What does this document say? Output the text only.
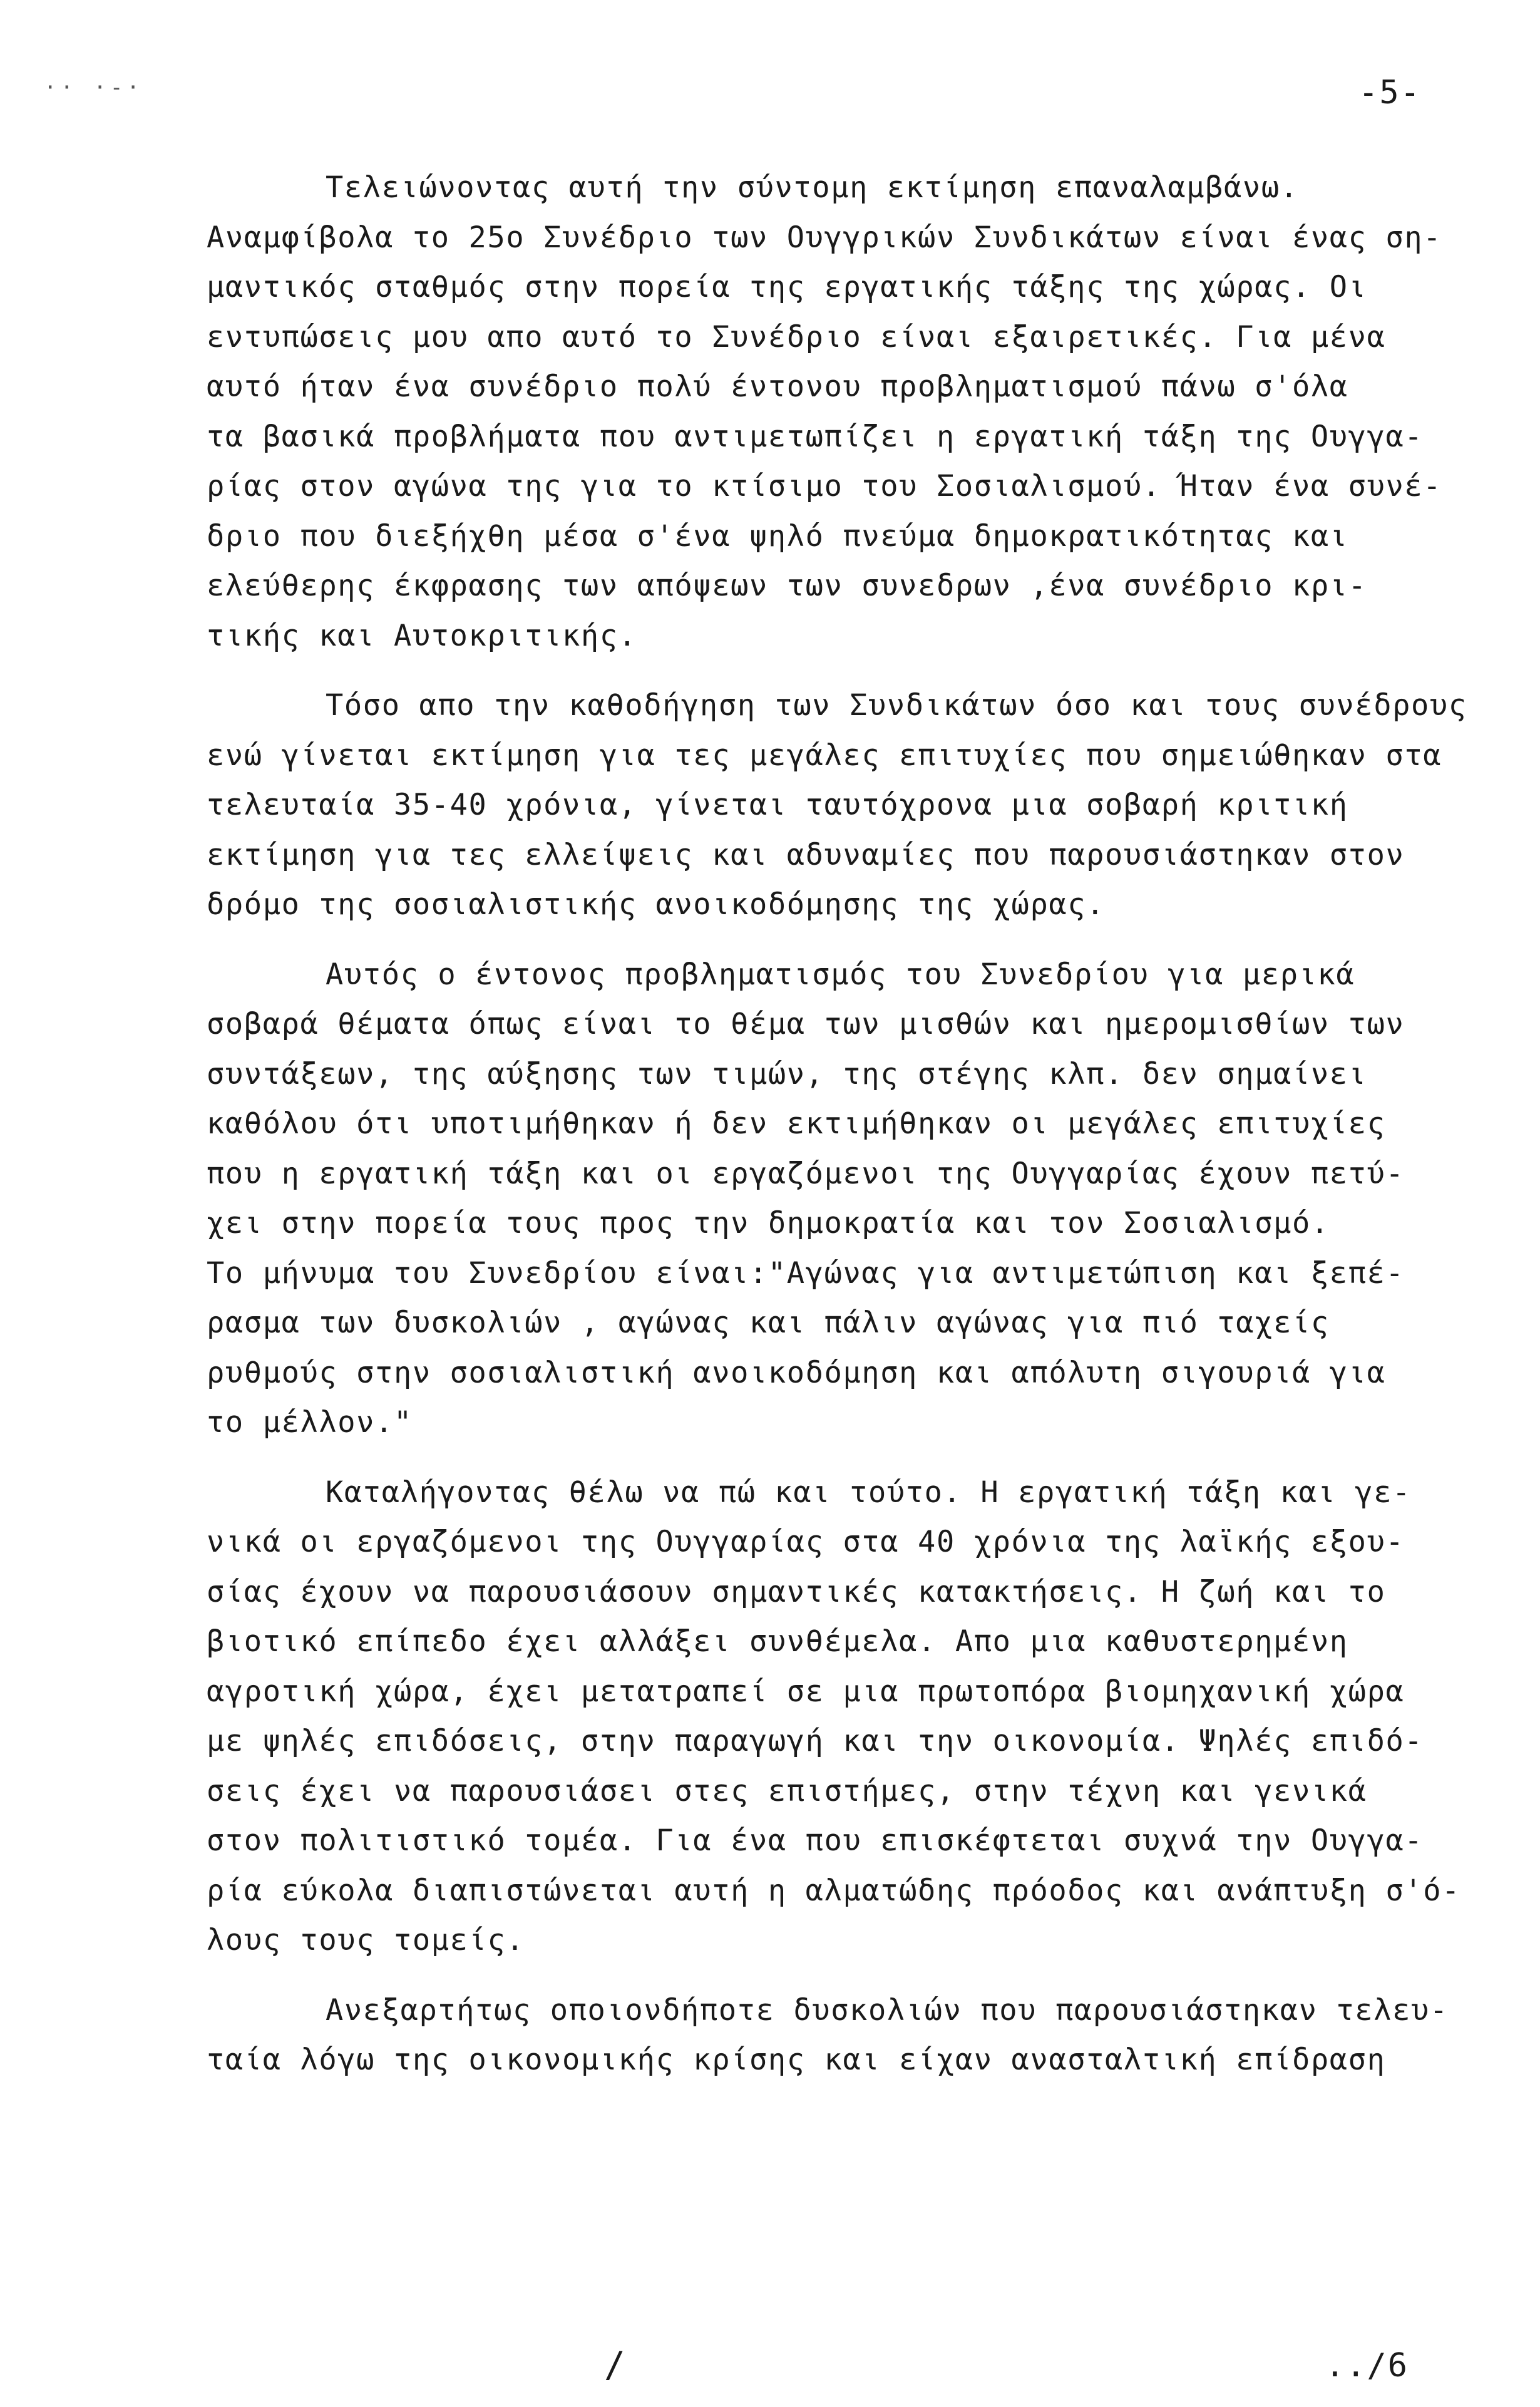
·· ·-·	-5-
Τελειώνοντας αυτή την σύντομη εκτίμηση επαναλαμβάνω.
Αναμφίβολα το 25ο Συνέδριο των Ουγγρικών Συνδικάτων είναι ένας ση-
μαντικός σταθμός στην πορεία της εργατικής τάξης της χώρας. Οι
εντυπώσεις μου απο αυτό το Συνέδριο είναι εξαιρετικές. Για μένα
αυτό ήταν ένα συνέδριο πολύ έντονου προβληματισμού πάνω σ'όλα
τα βασικά προβλήματα που αντιμετωπίζει η εργατική τάξη της Ουγγα-
ρίας στον αγώνα της για το κτίσιμο του Σοσιαλισμού. Ήταν ένα συνέ-
δριο που διεξήχθη μέσα σ'ένα ψηλό πνεύμα δημοκρατικότητας και
ελεύθερης έκφρασης των απόψεων των συνεδρων ,ένα συνέδριο κρι-
τικής και Αυτοκριτικής.
Τόσο απο την καθοδήγηση των Συνδικάτων όσο και τους συνέδρους
ενώ γίνεται εκτίμηση για τες μεγάλες επιτυχίες που σημειώθηκαν στα
τελευταία 35-40 χρόνια, γίνεται ταυτόχρονα μια σοβαρή κριτική
εκτίμηση για τες ελλείψεις και αδυναμίες που παρουσιάστηκαν στον
δρόμο της σοσιαλιστικής ανοικοδόμησης της χώρας.
Αυτός ο έντονος προβληματισμός του Συνεδρίου για μερικά
σοβαρά θέματα όπως είναι το θέμα των μισθών και ημερομισθίων των
συντάξεων, της αύξησης των τιμών, της στέγης κλπ. δεν σημαίνει
καθόλου ότι υποτιμήθηκαν ή δεν εκτιμήθηκαν οι μεγάλες επιτυχίες
που η εργατική τάξη και οι εργαζόμενοι της Ουγγαρίας έχουν πετύ-
χει στην πορεία τους προς την δημοκρατία και τον Σοσιαλισμό.
Το μήνυμα του Συνεδρίου είναι:"Αγώνας για αντιμετώπιση και ξεπέ-
ρασμα των δυσκολιών , αγώνας και πάλιν αγώνας για πιό ταχείς
ρυθμούς στην σοσιαλιστική ανοικοδόμηση και απόλυτη σιγουριά για
το μέλλον."
Καταλήγοντας θέλω να πώ και τούτο. Η εργατική τάξη και γε-
νικά οι εργαζόμενοι της Ουγγαρίας στα 40 χρόνια της λαϊκής εξου-
σίας έχουν να παρουσιάσουν σημαντικές κατακτήσεις. Η ζωή και το
βιοτικό επίπεδο έχει αλλάξει συνθέμελα. Απο μια καθυστερημένη
αγροτική χώρα, έχει μετατραπεί σε μια πρωτοπόρα βιομηχανική χώρα
με ψηλές επιδόσεις, στην παραγωγή και την οικονομία. Ψηλές επιδό-
σεις έχει να παρουσιάσει στες επιστήμες, στην τέχνη και γενικά
στον πολιτιστικό τομέα. Για ένα που επισκέφτεται συχνά την Ουγγα-
ρία εύκολα διαπιστώνεται αυτή η αλματώδης πρόοδος και ανάπτυξη σ'ό-
λους τους τομείς.
Ανεξαρτήτως οποιονδήποτε δυσκολιών που παρουσιάστηκαν τελευ-
ταία λόγω της οικονομικής κρίσης και είχαν ανασταλτική επίδραση
/	../6
